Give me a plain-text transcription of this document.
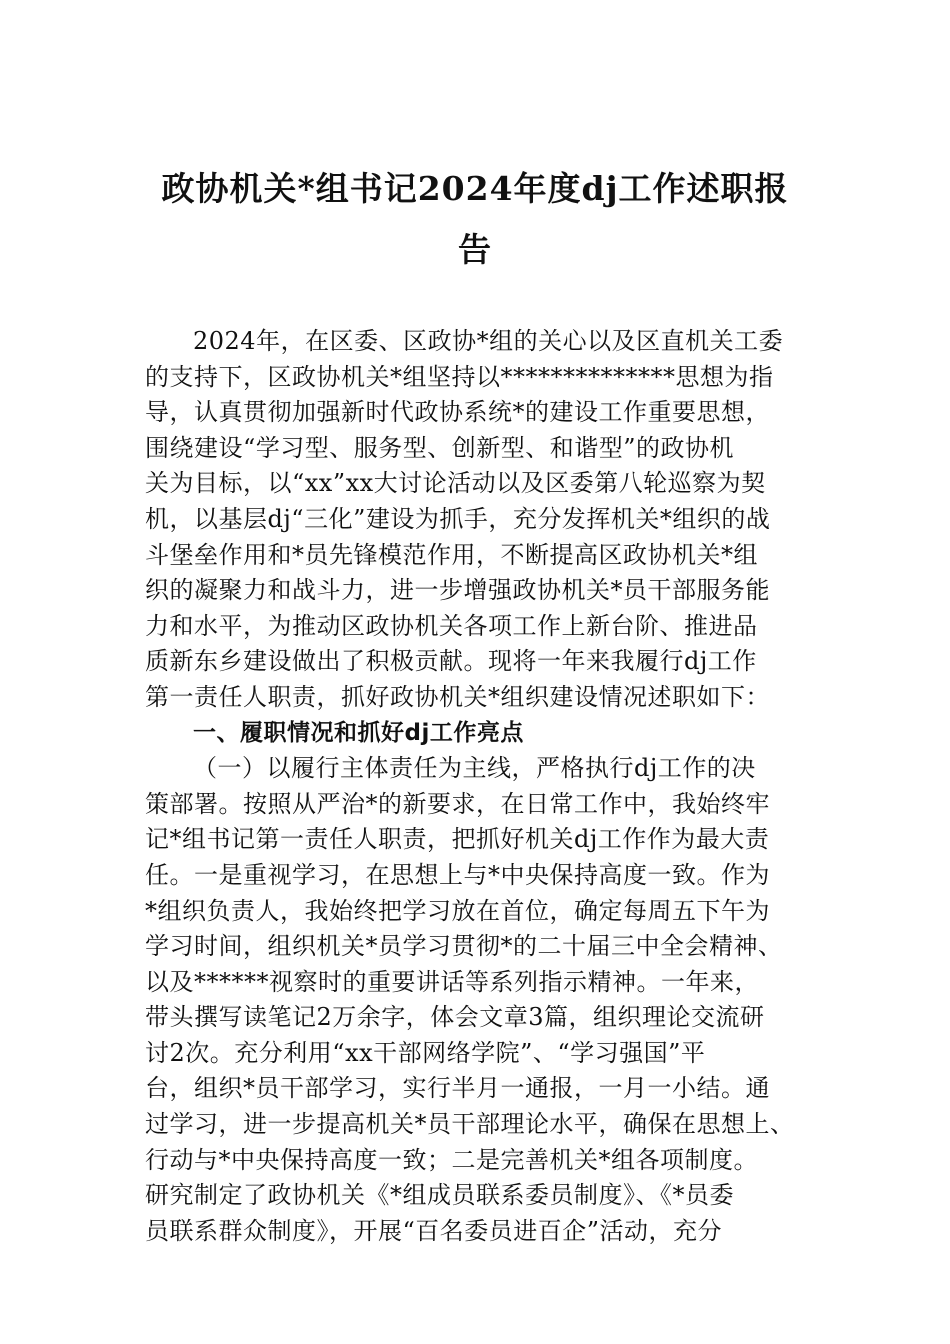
政协机关*组书记2024年度dj工作述职报
告
2024年，在区委、区政协*组的关心以及区直机关工委
的支持下，区政协机关*组坚持以**************思想为指
导，认真贯彻加强新时代政协系统*的建设工作重要思想，
围绕建设“学习型、服务型、创新型、和谐型”的政协机
关为目标，以“xx”xx大讨论活动以及区委第八轮巡察为契
机，以基层dj“三化”建设为抓手，充分发挥机关*组织的战
斗堡垒作用和*员先锋模范作用，不断提高区政协机关*组
织的凝聚力和战斗力，进一步增强政协机关*员干部服务能
力和水平，为推动区政协机关各项工作上新台阶、推进品
质新东乡建设做出了积极贡献。现将一年来我履行dj工作
第一责任人职责，抓好政协机关*组织建设情况述职如下：
一、履职情况和抓好dj工作亮点
（一）以履行主体责任为主线，严格执行dj工作的决
策部署。按照从严治*的新要求，在日常工作中，我始终牢
记*组书记第一责任人职责，把抓好机关dj工作作为最大责
任。一是重视学习，在思想上与*中央保持高度一致。作为
*组织负责人，我始终把学习放在首位，确定每周五下午为
学习时间，组织机关*员学习贯彻*的二十届三中全会精神、
以及******视察时的重要讲话等系列指示精神。一年来，
带头撰写读笔记2万余字，体会文章3篇，组织理论交流研
讨2次。充分利用“xx干部网络学院”、“学习强国”平
台，组织*员干部学习，实行半月一通报，一月一小结。通
过学习，进一步提高机关*员干部理论水平，确保在思想上、
行动与*中央保持高度一致；二是完善机关*组各项制度。
研究制定了政协机关《*组成员联系委员制度》、《*员委
员联系群众制度》，开展“百名委员进百企”活动，充分
